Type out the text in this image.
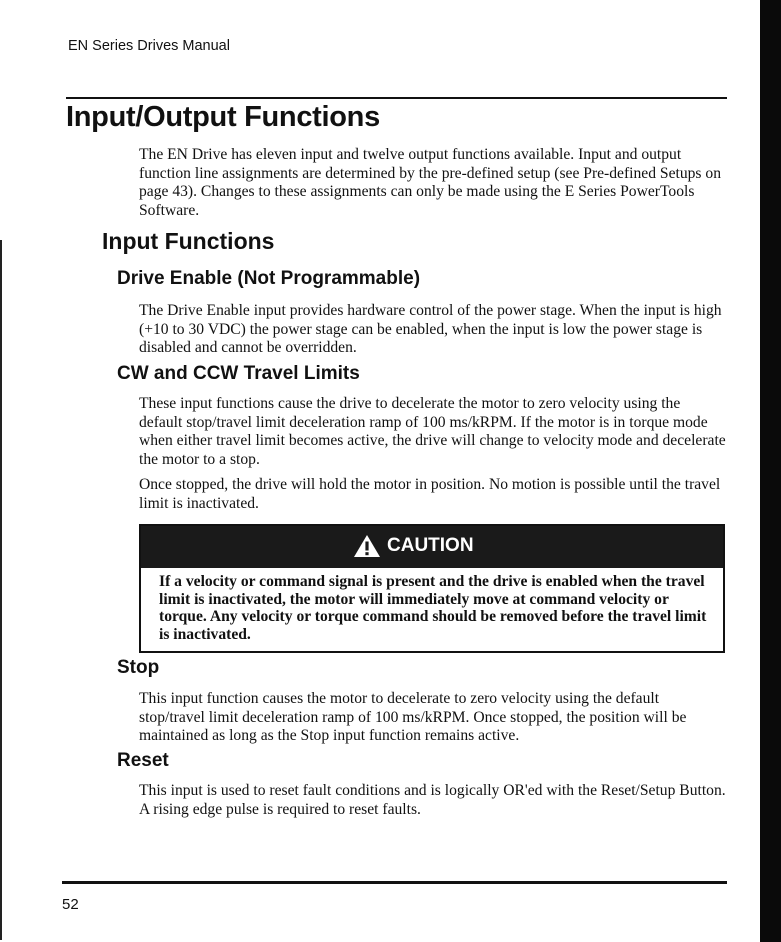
EN Series Drives Manual
Input/Output Functions

The EN Drive has eleven input and twelve output functions available. Input and output function line assignments are determined by the pre-defined setup (see Pre-defined Setups on page 43). Changes to these assignments can only be made using the E Series PowerTools Software.

Input Functions
Drive Enable (Not Programmable)

The Drive Enable input provides hardware control of the power stage. When the input is high (+10 to 30 VDC) the power stage can be enabled, when the input is low the power stage is disabled and cannot be overridden.

CW and CCW Travel Limits

These input functions cause the drive to decelerate the motor to zero velocity using the default stop/travel limit deceleration ramp of 100 ms/kRPM. If the motor is in torque mode when either travel limit becomes active, the drive will change to velocity mode and decelerate the motor to a stop.

Once stopped, the drive will hold the motor in position. No motion is possible until the travel limit is inactivated.

CAUTION

If a velocity or command signal is present and the drive is enabled when the travel limit is inactivated, the motor will immediately move at command velocity or torque. Any velocity or torque command should be removed before the travel limit is inactivated.

Stop

This input function causes the motor to decelerate to zero velocity using the default stop/travel limit deceleration ramp of 100 ms/kRPM. Once stopped, the position will be maintained as long as the Stop input function remains active.

Reset

This input is used to reset fault conditions and is logically OR'ed with the Reset/Setup Button. A rising edge pulse is required to reset faults.

52
